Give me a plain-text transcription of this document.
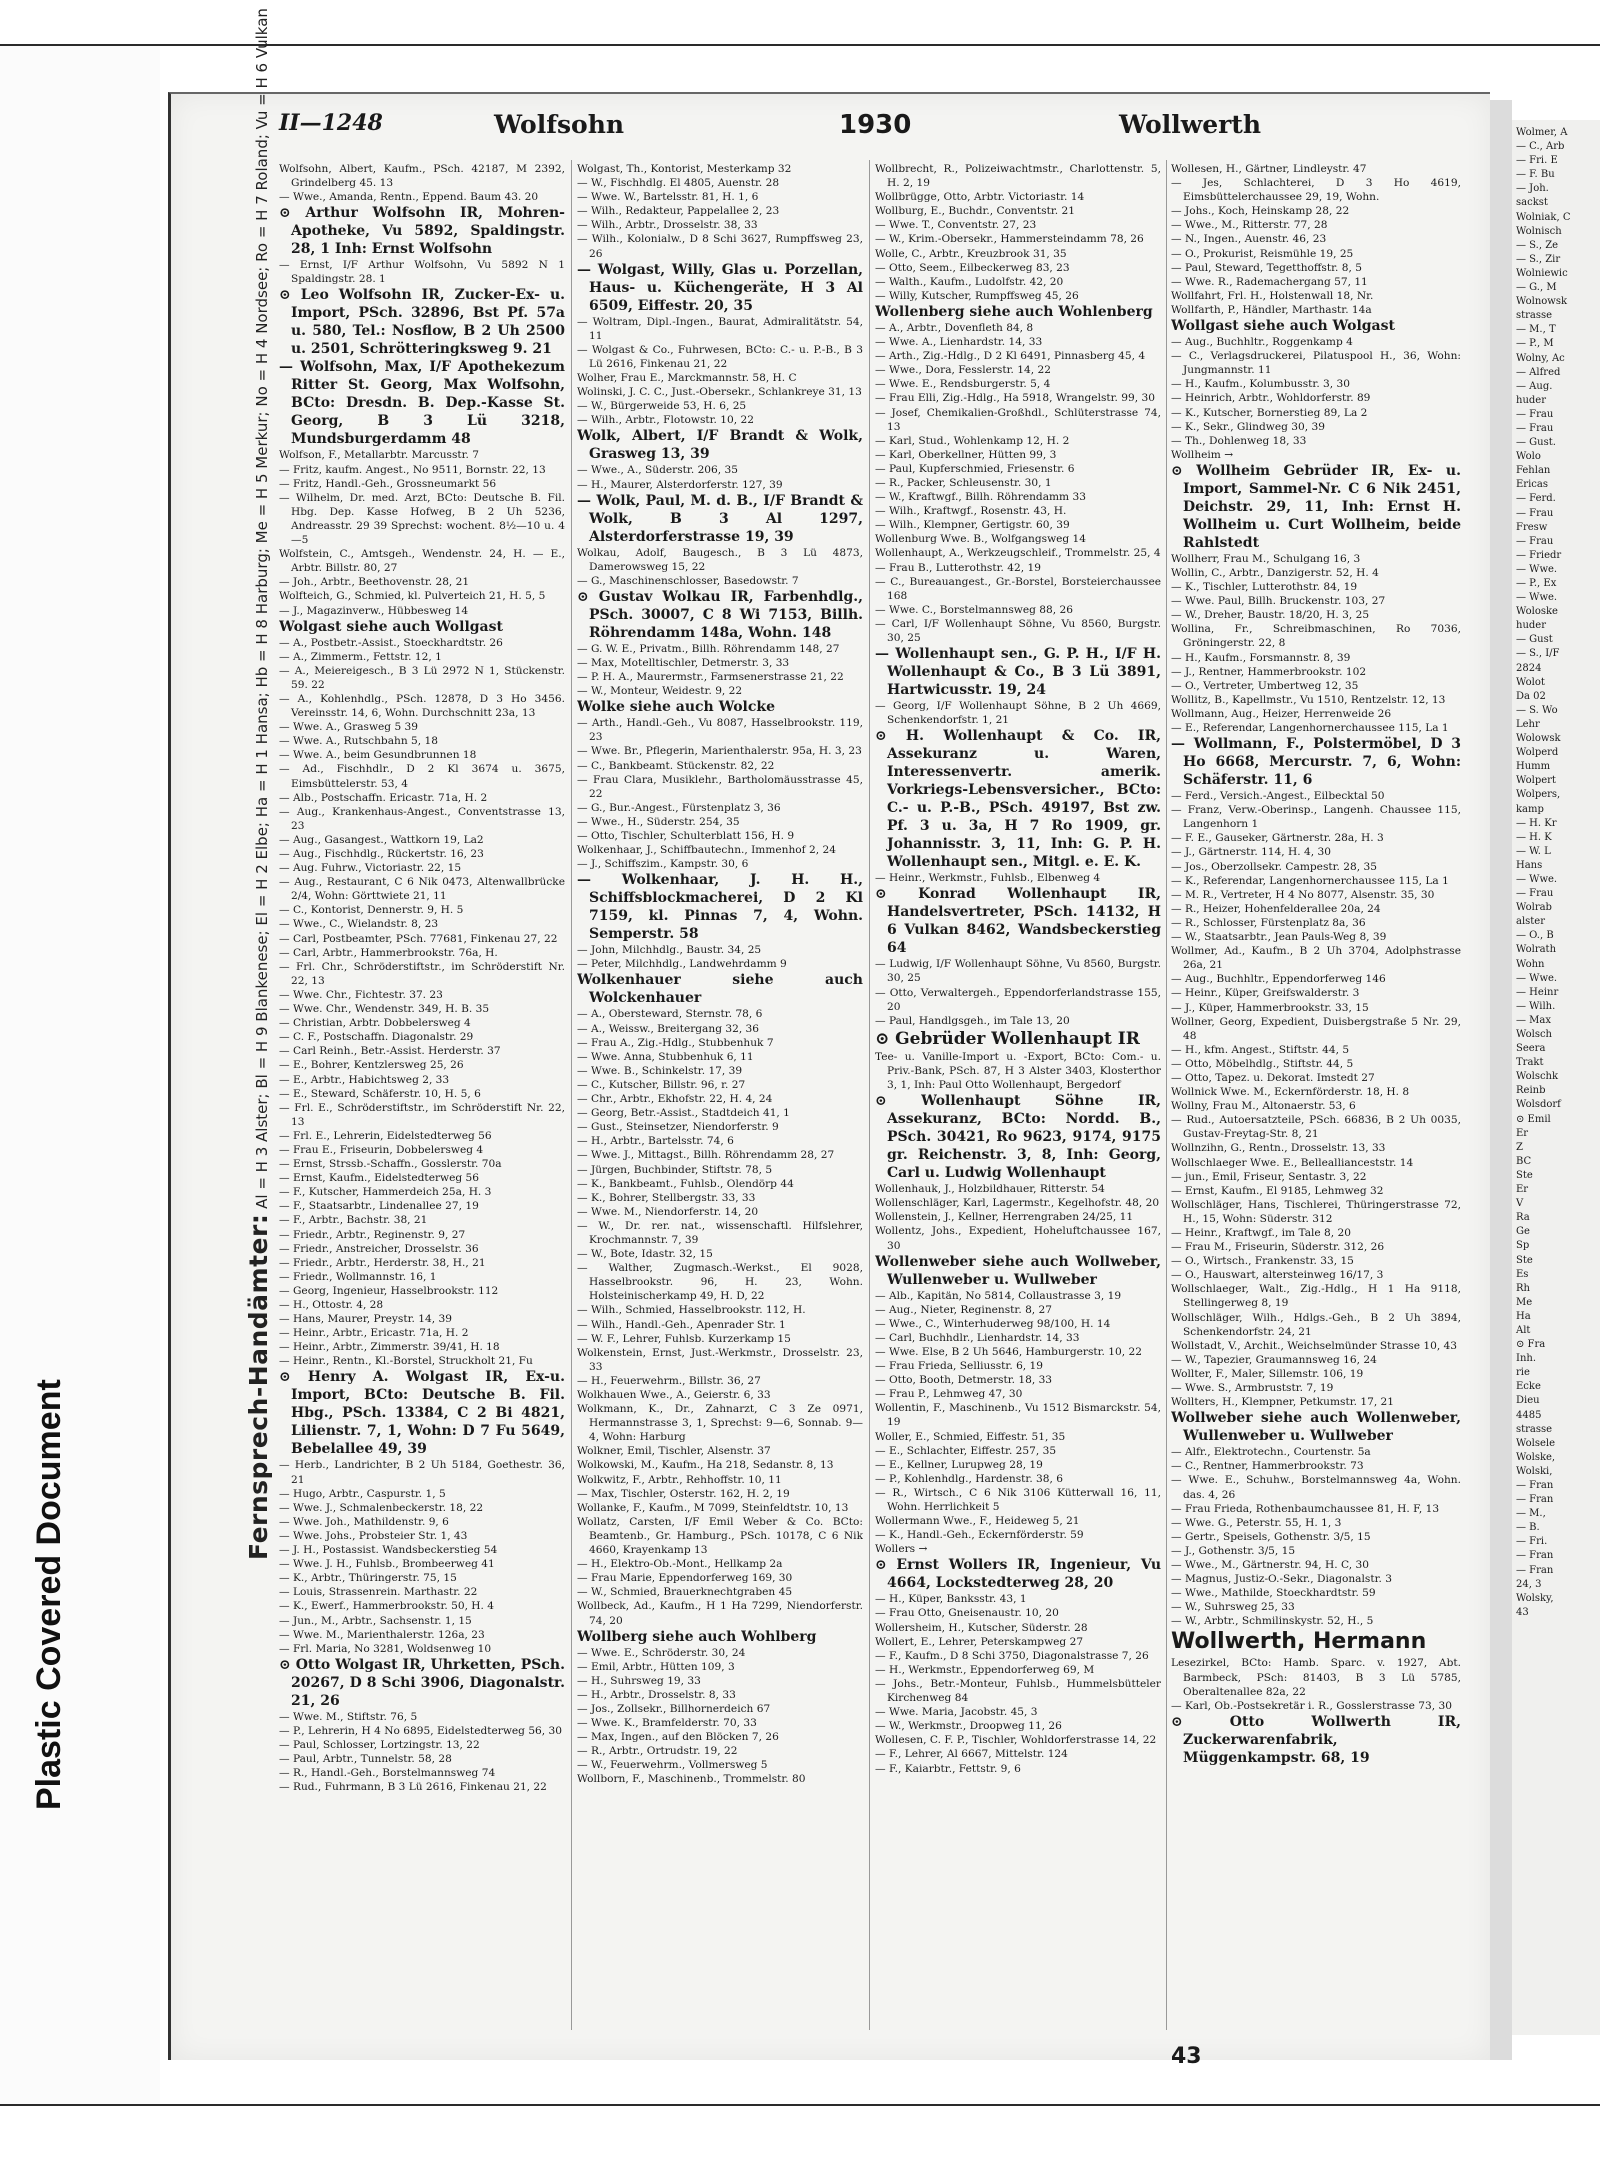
Plastic Covered Document
II—1248	Wolfsohn	1930	Wollwerth
Wolfsohn, Albert, Kaufm., PSch. 42187, M 2392, Grindelberg 45. 13
— Wwe., Amanda, Rentn., Eppend. Baum 43. 20
⊙ Arthur Wolfsohn IR, Mohren-Apotheke, Vu 5892, Spaldingstr. 28, 1 Inh: Ernst Wolfsohn
— Ernst, I/F Arthur Wolfsohn, Vu 5892 N 1 Spaldingstr. 28. 1
⊙ Leo Wolfsohn IR, Zucker-Ex- u. Import, PSch. 32896, Bst Pf. 57a u. 580, Tel.: Nosflow, B 2 Uh 2500 u. 2501, Schrötteringksweg 9. 21
— Wolfsohn, Max, I/F Apothekezum Ritter St. Georg, Max Wolfsohn, BCto: Dresdn. B. Dep.-Kasse St. Georg, B 3 Lü 3218, Mundsburgerdamm 48
Wolfson, F., Metallarbtr. Marcusstr. 7
— Fritz, kaufm. Angest., No 9511, Bornstr. 22, 13
— Fritz, Handl.-Geh., Grossneumarkt 56
— Wilhelm, Dr. med. Arzt, BCto: Deutsche B. Fil. Hbg. Dep. Kasse Hofweg, B 2 Uh 5236, Andreasstr. 29 39 Sprechst: wochent. 8½—10 u. 4—5
Wolfstein, C., Amtsgeh., Wendenstr. 24, H. — E., Arbtr. Billstr. 80, 27
— Joh., Arbtr., Beethovenstr. 28, 21
Wolfteich, G., Schmied, kl. Pulverteich 21, H. 5, 5
— J., Magazinverw., Hübbesweg 14
Wolgast siehe auch Wollgast
— A., Postbetr.-Assist., Stoeckhardtstr. 26
— A., Zimmerm., Fettstr. 12, 1
— A., Meiereigesch., B 3 Lü 2972 N 1, Stückenstr. 59. 22
— A., Kohlenhdlg., PSch. 12878, D 3 Ho 3456. Vereinsstr. 14, 6, Wohn. Durchschnitt 23a, 13
— Wwe. A., Grasweg 5 39
— Wwe. A., Rutschbahn 5, 18
— Wwe. A., beim Gesundbrunnen 18
— Ad., Fischhdlr., D 2 Kl 3674 u. 3675, Eimsbüttelerstr. 53, 4
— Alb., Postschaffn. Ericastr. 71a, H. 2
— Aug., Krankenhaus-Angest., Conventstrasse 13, 23
— Aug., Gasangest., Wattkorn 19, La2
— Aug., Fischhdlg., Rückertstr. 16, 23
— Aug. Fuhrw., Victoriastr. 22, 15
— Aug., Restaurant, C 6 Nik 0473, Altenwallbrücke 2/4, Wohn: Görttwiete 21, 11
— C., Kontorist, Dennerstr. 9, H. 5
— Wwe., C., Wielandstr. 8, 23
— Carl, Postbeamter, PSch. 77681, Finkenau 27, 22
— Carl, Arbtr., Hammerbrookstr. 76a, H.
— Frl. Chr., Schröderstiftstr., im Schröderstift Nr. 22, 13
— Wwe. Chr., Fichtestr. 37. 23
— Wwe. Chr., Wendenstr. 349, H. B. 35
— Christian, Arbtr. Dobbelersweg 4
— C. F., Postschaffn. Diagonalstr. 29
— Carl Reinh., Betr.-Assist. Herderstr. 37
— E., Bohrer, Kentzlersweg 25, 26
— E., Arbtr., Habichtsweg 2, 33
— E., Steward, Schäferstr. 10, H. 5, 6
— Frl. E., Schröderstiftstr., im Schröderstift Nr. 22, 13
— Frl. E., Lehrerin, Eidelstedterweg 56
— Frau E., Friseurin, Dobbelersweg 4
— Ernst, Strssb.-Schaffn., Gosslerstr. 70a
— Ernst, Kaufm., Eidelstedterweg 56
— F., Kutscher, Hammerdeich 25a, H. 3
— F., Staatsarbtr., Lindenallee 27, 19
— F., Arbtr., Bachstr. 38, 21
— Friedr., Arbtr., Reginenstr. 9, 27
— Friedr., Anstreicher, Drosselstr. 36
— Friedr., Arbtr., Herderstr. 38, H., 21
— Friedr., Wollmannstr. 16, 1
— Georg, Ingenieur, Hasselbrookstr. 112
— H., Ottostr. 4, 28
— Hans, Maurer, Preystr. 14, 39
— Heinr., Arbtr., Ericastr. 71a, H. 2
— Heinr., Arbtr., Zimmerstr. 39/41, H. 18
— Heinr., Rentn., Kl.-Borstel, Struckholt 21, Fu
⊙ Henry A. Wolgast IR, Ex-u. Import, BCto: Deutsche B. Fil. Hbg., PSch. 13384, C 2 Bi 4821, Lilienstr. 7, 1, Wohn: D 7 Fu 5649, Bebelallee 49, 39
— Herb., Landrichter, B 2 Uh 5184, Goethestr. 36, 21
— Hugo, Arbtr., Caspurstr. 1, 5
— Wwe. J., Schmalenbeckerstr. 18, 22
— Wwe. Joh., Mathildenstr. 9, 6
— Wwe. Johs., Probsteier Str. 1, 43
— J. H., Postassist. Wandsbeckerstieg 54
— Wwe. J. H., Fuhlsb., Brombeerweg 41
— K., Arbtr., Thüringerstr. 75, 15
— Louis, Strassenrein. Marthastr. 22
— K., Ewerf., Hammerbrookstr. 50, H. 4
— Jun., M., Arbtr., Sachsenstr. 1, 15
— Wwe. M., Marienthalerstr. 126a, 23
— Frl. Maria, No 3281, Woldsenweg 10
⊙ Otto Wolgast IR, Uhrketten, PSch. 20267, D 8 Schi 3906, Diagonalstr. 21, 26
— Wwe. M., Stiftstr. 76, 5
— P., Lehrerin, H 4 No 6895, Eidelstedterweg 56, 30
— Paul, Schlosser, Lortzingstr. 13, 22
— Paul, Arbtr., Tunnelstr. 58, 28
— R., Handl.-Geh., Borstelmannsweg 74
— Rud., Fuhrmann, B 3 Lü 2616, Finkenau 21, 22
Wolgast, Th., Kontorist, Mesterkamp 32
— W., Fischhdlg. El 4805, Auenstr. 28
— Wwe. W., Bartelsstr. 81, H. 1, 6
— Wilh., Redakteur, Pappelallee 2, 23
— Wilh., Arbtr., Drosselstr. 38, 33
— Wilh., Kolonialw., D 8 Schi 3627, Rumpffsweg 23, 26
— Wolgast, Willy, Glas u. Porzellan, Haus- u. Küchengeräte, H 3 Al 6509, Eiffestr. 20, 35
— Woltram, Dipl.-Ingen., Baurat, Admiralitätstr. 54, 11
— Wolgast & Co., Fuhrwesen, BCto: C.- u. P.-B., B 3 Lü 2616, Finkenau 21, 22
Wolher, Frau E., Marckmannstr. 58, H. C
Wolinski, J. C. C., Just.-Obersekr., Schlankreye 31, 13
— W., Bürgerweide 53, H. 6, 25
— Wilh., Arbtr., Flotowstr. 10, 22
Wolk, Albert, I/F Brandt & Wolk, Grasweg 13, 39
— Wwe., A., Süderstr. 206, 35
— H., Maurer, Alsterdorferstr. 127, 39
— Wolk, Paul, M. d. B., I/F Brandt & Wolk, B 3 Al 1297, Alsterdorferstrasse 19, 39
Wolkau, Adolf, Baugesch., B 3 Lü 4873, Damerowsweg 15, 22
— G., Maschinenschlosser, Basedowstr. 7
⊙ Gustav Wolkau IR, Farbenhdlg., PSch. 30007, C 8 Wi 7153, Billh. Röhrendamm 148a, Wohn. 148
— G. W. E., Privatm., Billh. Röhrendamm 148, 27
— Max, Motelltischler, Detmerstr. 3, 33
— P. H. A., Maurermstr., Farmsenerstrasse 21, 22
— W., Monteur, Weidestr. 9, 22
Wolke siehe auch Wolcke
— Arth., Handl.-Geh., Vu 8087, Hasselbrookstr. 119, 23
— Wwe. Br., Pflegerin, Marienthalerstr. 95a, H. 3, 23
— C., Bankbeamt. Stückenstr. 82, 22
— Frau Clara, Musiklehr., Bartholomäusstrasse 45, 22
— G., Bur.-Angest., Fürstenplatz 3, 36
— Wwe., H., Süderstr. 254, 35
— Otto, Tischler, Schulterblatt 156, H. 9
Wolkenhaar, J., Schiffbautechn., Immenhof 2, 24
— J., Schiffszim., Kampstr. 30, 6
— Wolkenhaar, J. H. H., Schiffsblockmacherei, D 2 Kl 7159, kl. Pinnas 7, 4, Wohn. Semperstr. 58
— John, Milchhdlg., Baustr. 34, 25
— Peter, Milchhdlg., Landwehrdamm 9
Wolkenhauer siehe auch Wolckenhauer
— A., Obersteward, Sternstr. 78, 6
— A., Weissw., Breitergang 32, 36
— Frau A., Zig.-Hdlg., Stubbenhuk 7
— Wwe. Anna, Stubbenhuk 6, 11
— Wwe. B., Schinkelstr. 17, 39
— C., Kutscher, Billstr. 96, r. 27
— Chr., Arbtr., Ekhofstr. 22, H. 4, 24
— Georg, Betr.-Assist., Stadtdeich 41, 1
— Gust., Steinsetzer, Niendorferstr. 9
— H., Arbtr., Bartelsstr. 74, 6
— Wwe. J., Mittagst., Billh. Röhrendamm 28, 27
— Jürgen, Buchbinder, Stiftstr. 78, 5
— K., Bankbeamt., Fuhlsb., Olendörp 44
— K., Bohrer, Stellbergstr. 33, 33
— Wwe. M., Niendorferstr. 14, 20
— W., Dr. rer. nat., wissenschaftl. Hilfslehrer, Krochmannstr. 7, 39
— W., Bote, Idastr. 32, 15
— Walther, Zugmasch.-Werkst., El 9028, Hasselbrookstr. 96, H. 23, Wohn. Holsteinischerkamp 49, H. D, 22
— Wilh., Schmied, Hasselbrookstr. 112, H.
— Wilh., Handl.-Geh., Apenrader Str. 1
— W. F., Lehrer, Fuhlsb. Kurzerkamp 15
Wolkenstein, Ernst, Just.-Werkmstr., Drosselstr. 23, 33
— H., Feuerwehrm., Billstr. 36, 27
Wolkhauen Wwe., A., Geierstr. 6, 33
Wolkmann, K., Dr., Zahnarzt, C 3 Ze 0971, Hermannstrasse 3, 1, Sprechst: 9—6, Sonnab. 9—4, Wohn: Harburg
Wolkner, Emil, Tischler, Alsenstr. 37
Wolkowski, M., Kaufm., Ha 218, Sedanstr. 8, 13
Wolkwitz, F., Arbtr., Rehhoffstr. 10, 11
— Max, Tischler, Osterstr. 162, H. 2, 19
Wollanke, F., Kaufm., M 7099, Steinfeldtstr. 10, 13
Wollatz, Carsten, I/F Emil Weber & Co. BCto: Beamtenb., Gr. Hamburg., PSch. 10178, C 6 Nik 4660, Krayenkamp 13
— H., Elektro-Ob.-Mont., Hellkamp 2a
— Frau Marie, Eppendorferweg 169, 30
— W., Schmied, Brauerknechtgraben 45
Wollbeck, Ad., Kaufm., H 1 Ha 7299, Niendorferstr. 74, 20
Wollberg siehe auch Wohlberg
— Wwe. E., Schröderstr. 30, 24
— Emil, Arbtr., Hütten 109, 3
— H., Suhrsweg 19, 33
— H., Arbtr., Drosselstr. 8, 33
— Jos., Zollsekr., Billhornerdeich 67
— Wwe. K., Bramfelderstr. 70, 33
— Max, Ingen., auf den Blöcken 7, 26
— R., Arbtr., Ortrudstr. 19, 22
— W., Feuerwehrm., Vollmersweg 5
Wollborn, F., Maschinenb., Trommelstr. 80
Wollbrecht, R., Polizeiwachtmstr., Charlottenstr. 5, H. 2, 19
Wollbrügge, Otto, Arbtr. Victoriastr. 14
Wollburg, E., Buchdr., Conventstr. 21
— Wwe. T., Conventstr. 27, 23
— W., Krim.-Obersekr., Hammersteindamm 78, 26
Wolle, C., Arbtr., Kreuzbrook 31, 35
— Otto, Seem., Eilbeckerweg 83, 23
— Walth., Kaufm., Ludolfstr. 42, 20
— Willy, Kutscher, Rumpffsweg 45, 26
Wollenberg siehe auch Wohlenberg
— A., Arbtr., Dovenfleth 84, 8
— Wwe. A., Lienhardstr. 14, 33
— Arth., Zig.-Hdlg., D 2 Kl 6491, Pinnasberg 45, 4
— Wwe., Dora, Fesslerstr. 14, 22
— Wwe. E., Rendsburgerstr. 5, 4
— Frau Elli, Zig.-Hdlg., Ha 5918, Wrangelstr. 99, 30
— Josef, Chemikalien-Großhdl., Schlüterstrasse 74, 13
— Karl, Stud., Wohlenkamp 12, H. 2
— Karl, Oberkellner, Hütten 99, 3
— Paul, Kupferschmied, Friesenstr. 6
— R., Packer, Schleusenstr. 30, 1
— W., Kraftwgf., Billh. Röhrendamm 33
— Wilh., Kraftwgf., Rosenstr. 43, H.
— Wilh., Klempner, Gertigstr. 60, 39
Wollenburg Wwe. B., Wolfgangsweg 14
Wollenhaupt, A., Werkzeugschleif., Trommelstr. 25, 4
— Frau B., Lutterothstr. 42, 19
— C., Bureauangest., Gr.-Borstel, Borsteierchaussee 168
— Wwe. C., Borstelmannsweg 88, 26
— Carl, I/F Wollenhaupt Söhne, Vu 8560, Burgstr. 30, 25
— Wollenhaupt sen., G. P. H., I/F H. Wollenhaupt & Co., B 3 Lü 3891, Hartwicusstr. 19, 24
— Georg, I/F Wollenhaupt Söhne, B 2 Uh 4669, Schenkendorfstr. 1, 21
⊙ H. Wollenhaupt & Co. IR, Assekuranz u. Waren, Interessenvertr. amerik. Vorkriegs-Lebensversicher., BCto: C.- u. P.-B., PSch. 49197, Bst zw. Pf. 3 u. 3a, H 7 Ro 1909, gr. Johannisstr. 3, 11, Inh: G. P. H. Wollenhaupt sen., Mitgl. e. E. K.
— Heinr., Werkmstr., Fuhlsb., Elbenweg 4
⊙ Konrad Wollenhaupt IR, Handelsvertreter, PSch. 14132, H 6 Vulkan 8462, Wandsbeckerstieg 64
— Ludwig, I/F Wollenhaupt Söhne, Vu 8560, Burgstr. 30, 25
— Otto, Verwaltergeh., Eppendorferlandstrasse 155, 20
— Paul, Handlgsgeh., im Tale 13, 20
⊙ Gebrüder Wollenhaupt IR
Tee- u. Vanille-Import u. -Export, BCto: Com.- u. Priv.-Bank, PSch. 87, H 3 Alster 3403, Klosterthor 3, 1, Inh: Paul Otto Wollenhaupt, Bergedorf
⊙ Wollenhaupt Söhne IR, Assekuranz, BCto: Nordd. B., PSch. 30421, Ro 9623, 9174, 9175 gr. Reichenstr. 3, 8, Inh: Georg, Carl u. Ludwig Wollenhaupt
Wollenhauk, J., Holzbildhauer, Ritterstr. 54
Wollenschläger, Karl, Lagermstr., Kegelhofstr. 48, 20
Wollenstein, J., Kellner, Herrengraben 24/25, 11
Wollentz, Johs., Expedient, Hoheluftchaussee 167, 30
Wollenweber siehe auch Wollweber, Wullenweber u. Wullweber
— Alb., Kapitän, No 5814, Collaustrasse 3, 19
— Aug., Nieter, Reginenstr. 8, 27
— Wwe., C., Winterhuderweg 98/100, H. 14
— Carl, Buchhdlr., Lienhardstr. 14, 33
— Wwe. Else, B 2 Uh 5646, Hamburgerstr. 10, 22
— Frau Frieda, Selliusstr. 6, 19
— Otto, Booth, Detmerstr. 18, 33
— Frau P., Lehmweg 47, 30
Wollentin, F., Maschinenb., Vu 1512 Bismarckstr. 54, 19
Woller, E., Schmied, Eiffestr. 51, 35
— E., Schlachter, Eiffestr. 257, 35
— E., Kellner, Lurupweg 28, 19
— P., Kohlenhdlg., Hardenstr. 38, 6
— R., Wirtsch., C 6 Nik 3106 Kütterwall 16, 11, Wohn. Herrlichkeit 5
Wollermann Wwe., F., Heideweg 5, 21
— K., Handl.-Geh., Eckernförderstr. 59
Wollers →
⊙ Ernst Wollers IR, Ingenieur, Vu 4664, Lockstedterweg 28, 20
— H., Küper, Banksstr. 43, 1
— Frau Otto, Gneisenaustr. 10, 20
Wollersheim, H., Kutscher, Süderstr. 28
Wollert, E., Lehrer, Peterskampweg 27
— F., Kaufm., D 8 Schi 3750, Diagonalstrasse 7, 26
— H., Werkmstr., Eppendorferweg 69, M
— Johs., Betr.-Monteur, Fuhlsb., Hummelsbütteler Kirchenweg 84
— Wwe. Maria, Jacobstr. 45, 3
— W., Werkmstr., Droopweg 11, 26
Wollesen, C. F. P., Tischler, Wohldorferstrasse 14, 22
— F., Lehrer, Al 6667, Mittelstr. 124
— F., Kaiarbtr., Fettstr. 9, 6
Wollesen, H., Gärtner, Lindleystr. 47
— Jes, Schlachterei, D 3 Ho 4619, Eimsbüttelerchaussee 29, 19, Wohn.
— Johs., Koch, Heinskamp 28, 22
— Wwe., M., Ritterstr. 77, 28
— N., Ingen., Auenstr. 46, 23
— O., Prokurist, Reismühle 19, 25
— Paul, Steward, Tegetthoffstr. 8, 5
— Wwe. R., Rademachergang 57, 11
Wollfahrt, Frl. H., Holstenwall 18, Nr.
Wollfarth, P., Händler, Marthastr. 14a
Wollgast siehe auch Wolgast
— Aug., Buchhltr., Roggenkamp 4
— C., Verlagsdruckerei, Pilatuspool H., 36, Wohn: Jungmannstr. 11
— H., Kaufm., Kolumbusstr. 3, 30
— Heinrich, Arbtr., Wohldorferstr. 89
— K., Kutscher, Bornerstieg 89, La 2
— K., Sekr., Glindweg 30, 39
— Th., Dohlenweg 18, 33
Wollheim →
⊙ Wollheim Gebrüder IR, Ex- u. Import, Sammel-Nr. C 6 Nik 2451, Deichstr. 29, 11, Inh: Ernst H. Wollheim u. Curt Wollheim, beide Rahlstedt
Wollherr, Frau M., Schulgang 16, 3
Wollin, C., Arbtr., Danzigerstr. 52, H. 4
— K., Tischler, Lutterothstr. 84, 19
— Wwe. Paul, Billh. Bruckenstr. 103, 27
— W., Dreher, Baustr. 18/20, H. 3, 25
Wollina, Fr., Schreibmaschinen, Ro 7036, Gröningerstr. 22, 8
— H., Kaufm., Forsmannstr. 8, 39
— J., Rentner, Hammerbrookstr. 102
— O., Vertreter, Umbertweg 12, 35
Wollitz, B., Kapellmstr., Vu 1510, Rentzelstr. 12, 13
Wollmann, Aug., Heizer, Herrenweide 26
— E., Referendar, Langenhornerchaussee 115, La 1
— Wollmann, F., Polstermöbel, D 3 Ho 6668, Mercurstr. 7, 6, Wohn: Schäferstr. 11, 6
— Ferd., Versich.-Angest., Eilbecktal 50
— Franz, Verw.-Oberinsp., Langenh. Chaussee 115, Langenhorn 1
— F. E., Gauseker, Gärtnerstr. 28a, H. 3
— J., Gärtnerstr. 114, H. 4, 30
— Jos., Oberzollsekr. Campestr. 28, 35
— K., Referendar, Langenhornerchaussee 115, La 1
— M. R., Vertreter, H 4 No 8077, Alsenstr. 35, 30
— R., Heizer, Hohenfelderallee 20a, 24
— R., Schlosser, Fürstenplatz 8a, 36
— W., Staatsarbtr., Jean Pauls-Weg 8, 39
Wollmer, Ad., Kaufm., B 2 Uh 3704, Adolphstrasse 26a, 21
— Aug., Buchhltr., Eppendorferweg 146
— Heinr., Küper, Greifswalderstr. 3
— J., Küper, Hammerbrookstr. 33, 15
Wollner, Georg, Expedient, Duisbergstraße 5 Nr. 29, 48
— H., kfm. Angest., Stiftstr. 44, 5
— Otto, Möbelhdlg., Stiftstr. 44, 5
— Otto, Tapez. u. Dekorat. Imstedt 27
Wollnick Wwe. M., Eckernförderstr. 18, H. 8
Wollny, Frau M., Altonaerstr. 53, 6
— Rud., Autoersatzteile, PSch. 66836, B 2 Uh 0035, Gustav-Freytag-Str. 8, 21
Wollnzihn, G., Rentn., Drosselstr. 13, 33
Wollschlaeger Wwe. E., Belleallianceststr. 14
— jun., Emil, Friseur, Sentastr. 3, 22
— Ernst, Kaufm., El 9185, Lehmweg 32
Wollschläger, Hans, Tischlerei, Thüringerstrasse 72, H., 15, Wohn: Süderstr. 312
— Heinr., Kraftwgf., im Tale 8, 20
— Frau M., Friseurin, Süderstr. 312, 26
— O., Wirtsch., Frankenstr. 33, 15
— O., Hauswart, altersteinweg 16/17, 3
Wollschlaeger, Walt., Zig.-Hdlg., H 1 Ha 9118, Stellingerweg 8, 19
Wollschläger, Wilh., Hdlgs.-Geh., B 2 Uh 3894, Schenkendorfstr. 24, 21
Wollstadt, V., Archit., Weichselmünder Strasse 10, 43
— W., Tapezier, Graumannsweg 16, 24
Wollter, F., Maler, Sillemstr. 106, 19
— Wwe. S., Armbruststr. 7, 19
Wollters, H., Klempner, Petkumstr. 17, 21
Wollweber siehe auch Wollenweber, Wullenweber u. Wullweber
— Alfr., Elektrotechn., Courtenstr. 5a
— C., Rentner, Hammerbrookstr. 73
— Wwe. E., Schuhw., Borstelmannsweg 4a, Wohn. das. 4, 26
— Frau Frieda, Rothenbaumchaussee 81, H. F, 13
— Wwe. G., Peterstr. 55, H. 1, 3
— Gertr., Speisels, Gothenstr. 3/5, 15
— J., Gothenstr. 3/5, 15
— Wwe., M., Gärtnerstr. 94, H. C, 30
— Magnus, Justiz-O.-Sekr., Diagonalstr. 3
— Wwe., Mathilde, Stoeckhardtstr. 59
— W., Suhrsweg 25, 33
— W., Arbtr., Schmilinskystr. 52, H., 5
Wollwerth, Hermann
Lesezirkel, BCto: Hamb. Sparc. v. 1927, Abt. Barmbeck, PSch: 81403, B 3 Lü 5785, Oberaltenallee 82a, 22
— Karl, Ob.-Postsekretär i. R., Gosslerstrasse 73, 30
⊙ Otto Wollwerth IR, Zuckerwarenfabrik, Müggenkampstr. 68, 19
43
Fernsprech-Handämter: Al = H 3 Alster; Bl = H 9 Blankenese; El = H 2 Elbe; Ha = H 1 Hansa; Hb = H 8 Harburg; Me = H 5 Merkur; No = H 4 Nordsee; Ro = H 7 Roland; Vu = H 6 Vulkan	Wolmer, A
— C., Arb
— Fri. E
— F. Bu
— Joh.
sackst
Wolniak, C
Wolnisch
— S., Ze
— S., Zir
Wolniewic
— G., M
Wolnowsk
strasse
— M., T
— P., M
Wolny, Ac
— Alfred
— Aug.
huder
— Frau
— Frau
— Gust.
Wolo
Fehlan
Ericas
— Ferd.
— Frau
Fresw
— Frau
— Friedr
— Wwe.
— P., Ex
— Wwe.
Woloske
huder
— Gust
— S., I/F
2824
Wolot
Da 02
— S. Wo
Lehr
Wolowsk
Wolperd
Humm
Wolpert
Wolpers,
kamp
— H. Kr
— H. K
— W. L
Hans
— Wwe.
— Frau
Wolrab
alster
— O., B
Wolrath
Wohn
— Wwe.
— Heinr
— Wilh.
— Max
Wolsch
Seera
Trakt
Wolschk
Reinb
Wolsdorf
⊙ Emil
Er
Z
BC
Ste
Er
V
Ra
Ge
Sp
Ste
Es
Rh
Me
Ha
Alt
⊙ Fra
Inh.
rie
Ecke
Dieu
4485
strasse
Wolsele
Wolske,
Wolski,
— Fran
— Fran
— M.,
— B.
— Fri.
— Fran
— Fran
24, 3
Wolsky,
43
